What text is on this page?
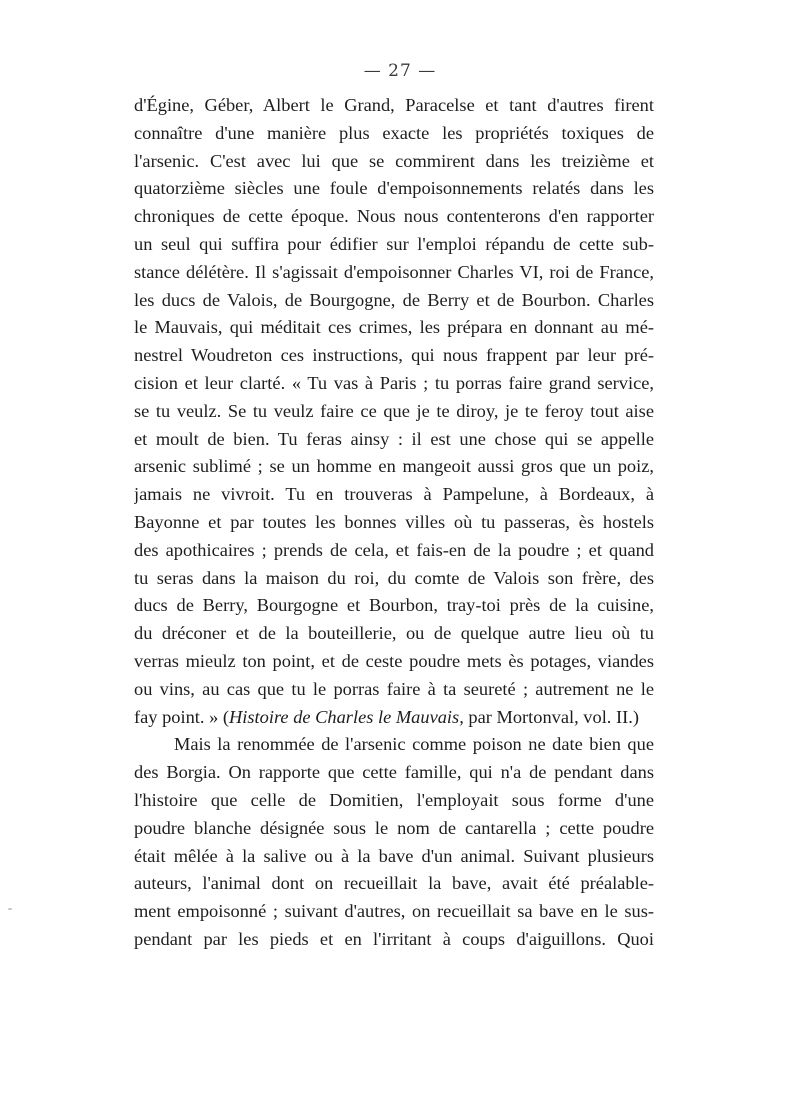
— 27 —
d'Égine, Géber, Albert le Grand, Paracelse et tant d'autres firent
connaître d'une manière plus exacte les propriétés toxiques de
l'arsenic. C'est avec lui que se commirent dans les treizième et
quatorzième siècles une foule d'empoisonnements relatés dans les
chroniques de cette époque. Nous nous contenterons d'en rapporter
un seul qui suffira pour édifier sur l'emploi répandu de cette sub-
stance délétère. Il s'agissait d'empoisonner Charles VI, roi de France,
les ducs de Valois, de Bourgogne, de Berry et de Bourbon. Charles
le Mauvais, qui méditait ces crimes, les prépara en donnant au mé-
nestrel Woudreton ces instructions, qui nous frappent par leur pré-
cision et leur clarté. « Tu vas à Paris ; tu porras faire grand service,
se tu veulz. Se tu veulz faire ce que je te diroy, je te feroy tout aise
et moult de bien. Tu feras ainsy : il est une chose qui se appelle
arsenic sublimé ; se un homme en mangeoit aussi gros que un poiz,
jamais ne vivroit. Tu en trouveras à Pampelune, à Bordeaux, à
Bayonne et par toutes les bonnes villes où tu passeras, ès hostels
des apothicaires ; prends de cela, et fais-en de la poudre ; et quand
tu seras dans la maison du roi, du comte de Valois son frère, des
ducs de Berry, Bourgogne et Bourbon, tray-toi près de la cuisine,
du dréconer et de la bouteillerie, ou de quelque autre lieu où tu
verras mieulz ton point, et de ceste poudre mets ès potages, viandes
ou vins, au cas que tu le porras faire à ta seureté ; autrement ne le
fay point. » (Histoire de Charles le Mauvais, par Mortonval, vol. II.)
Mais la renommée de l'arsenic comme poison ne date bien que
des Borgia. On rapporte que cette famille, qui n'a de pendant dans
l'histoire que celle de Domitien, l'employait sous forme d'une
poudre blanche désignée sous le nom de cantarella ; cette poudre
était mêlée à la salive ou à la bave d'un animal. Suivant plusieurs
auteurs, l'animal dont on recueillait la bave, avait été préalable-
ment empoisonné ; suivant d'autres, on recueillait sa bave en le sus-
pendant par les pieds et en l'irritant à coups d'aiguillons. Quoi
